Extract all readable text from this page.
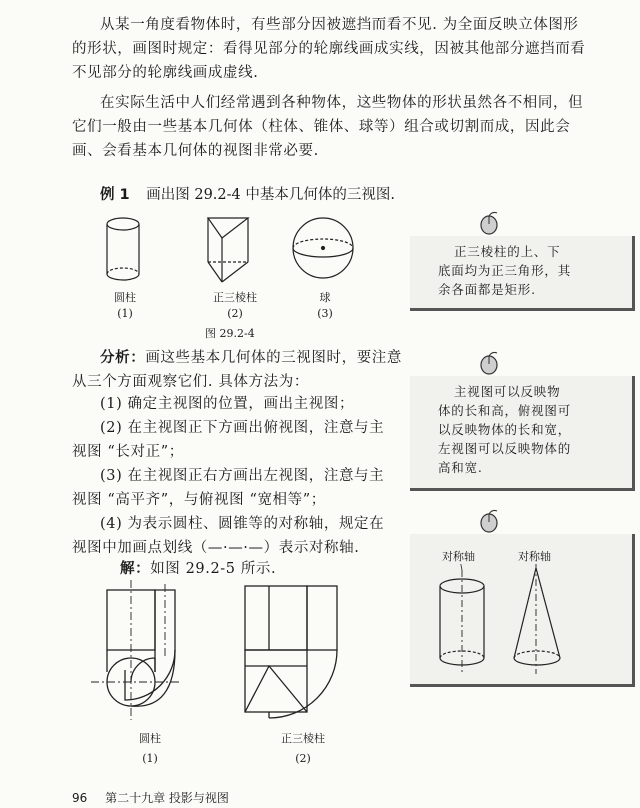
从某一角度看物体时，有些部分因被遮挡而看不见. 为全面反映立体图形
的形状，画图时规定：看得见部分的轮廓线画成实线，因被其他部分遮挡而看
不见部分的轮廓线画成虚线.
在实际生活中人们经常遇到各种物体，这些物体的形状虽然各不相同，但
它们一般由一些基本几何体（柱体、锥体、球等）组合或切割而成，因此会
画、会看基本几何体的视图非常必要.
例 1 画出图 29.2-4 中基本几何体的三视图.
圆柱
(1)
正三棱柱
(2)
球
(3)
图 29.2-4
分析：画这些基本几何体的三视图时，要注意
从三个方面观察它们. 具体方法为：
(1) 确定主视图的位置，画出主视图；
(2) 在主视图正下方画出俯视图，注意与主
视图 “长对正”；
(3) 在主视图正右方画出左视图，注意与主
视图 “高平齐”，与俯视图 “宽相等”；
(4) 为表示圆柱、圆锥等的对称轴，规定在
视图中加画点划线（—·—·—）表示对称轴.
解：如图 29.2-5 所示.
圆柱
(1)
正三棱柱
(2)
正三棱柱的上、下
底面均为正三角形，其
余各面都是矩形.
主视图可以反映物
体的长和高，俯视图可
以反映物体的长和宽，
左视图可以反映物体的
高和宽.
对称轴	对称轴
96 第二十九章 投影与视图
